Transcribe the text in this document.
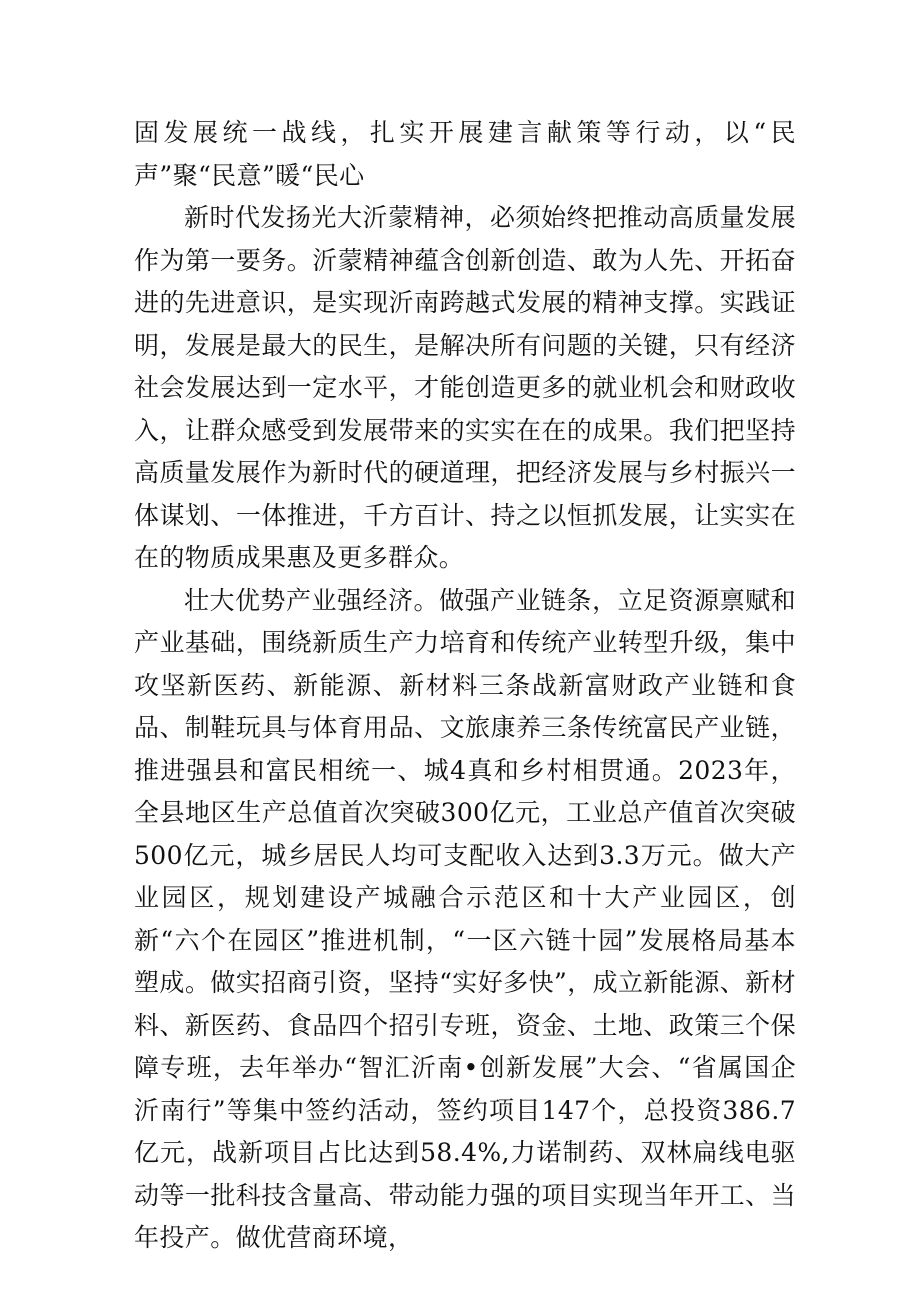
固发展统一战线，扎实开展建言献策等行动，以“民声”聚“民意”暖“民心

新时代发扬光大沂蒙精神，必须始终把推动高质量发展作为第一要务。沂蒙精神蕴含创新创造、敢为人先、开拓奋进的先进意识，是实现沂南跨越式发展的精神支撑。实践证明，发展是最大的民生，是解决所有问题的关键，只有经济社会发展达到一定水平，才能创造更多的就业机会和财政收入，让群众感受到发展带来的实实在在的成果。我们把坚持高质量发展作为新时代的硬道理，把经济发展与乡村振兴一体谋划、一体推进，千方百计、持之以恒抓发展，让实实在在的物质成果惠及更多群众。

壮大优势产业强经济。做强产业链条，立足资源禀赋和产业基础，围绕新质生产力培育和传统产业转型升级，集中攻坚新医药、新能源、新材料三条战新富财政产业链和食品、制鞋玩具与体育用品、文旅康养三条传统富民产业链，推进强县和富民相统一、城4真和乡村相贯通。2023年，全县地区生产总值首次突破300亿元，工业总产值首次突破500亿元，城乡居民人均可支配收入达到3.3万元。做大产业园区，规划建设产城融合示范区和十大产业园区，创新“六个在园区”推进机制，“一区六链十园”发展格局基本塑成。做实招商引资，坚持“实好多快”，成立新能源、新材料、新医药、食品四个招引专班，资金、土地、政策三个保障专班，去年举办“智汇沂南•创新发展”大会、“省属国企沂南行”等集中签约活动，签约项目147个，总投资386.7亿元，战新项目占比达到58.4%,力诺制药、双林扁线电驱动等一批科技含量高、带动能力强的项目实现当年开工、当年投产。做优营商环境，
